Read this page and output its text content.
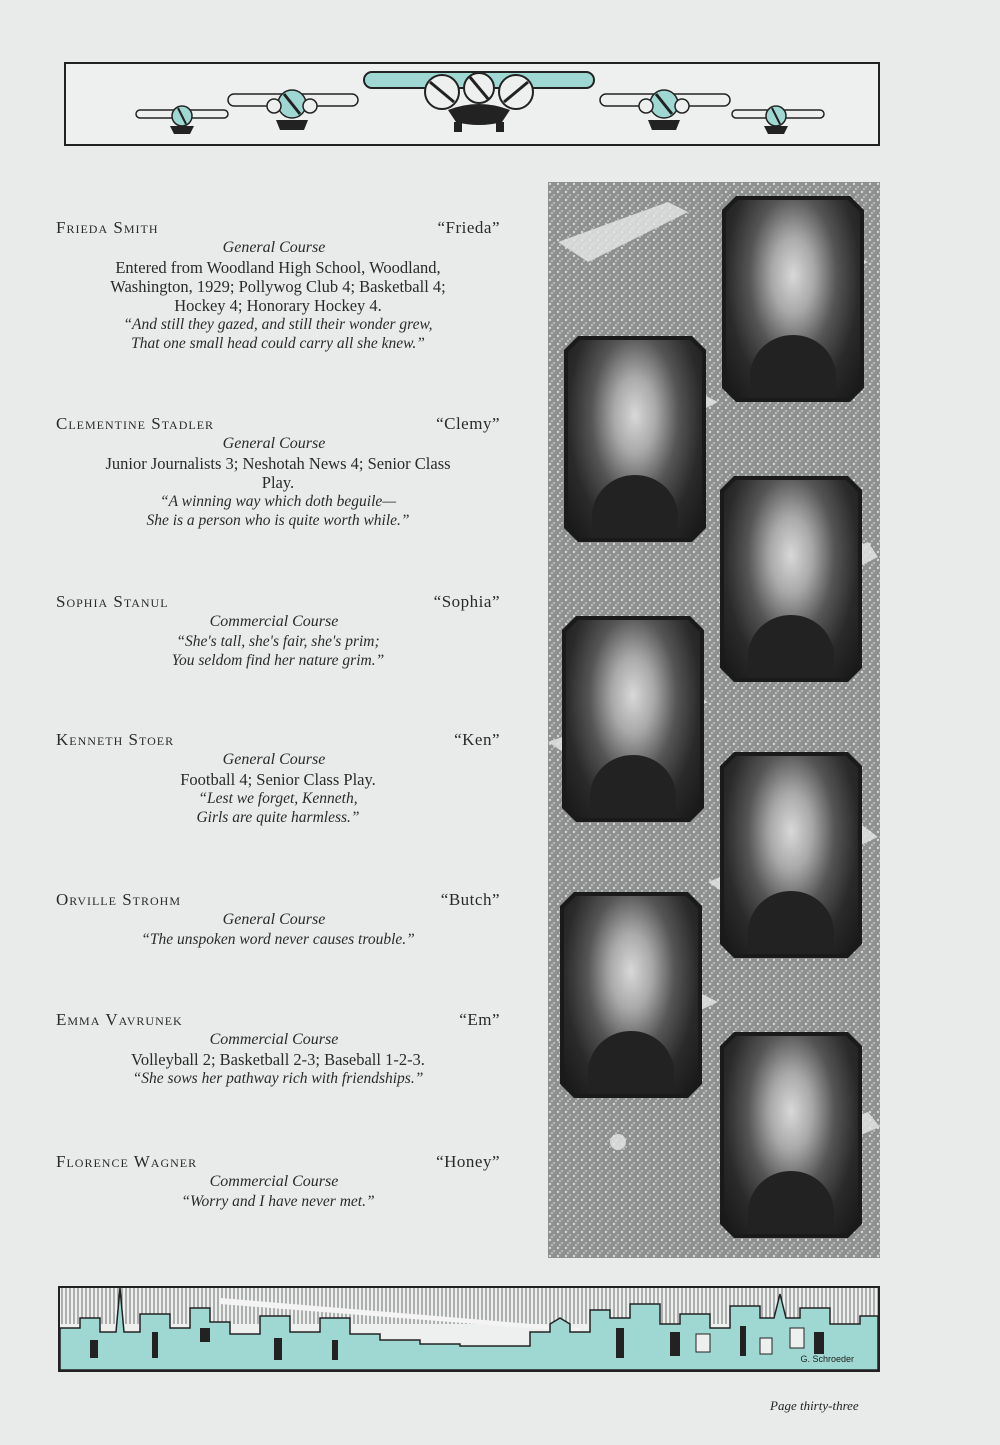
Frieda Smith	“Frieda”
General Course
Entered from Woodland High School, Woodland,
Washington, 1929; Pollywog Club 4; Basketball 4;
Hockey 4; Honorary Hockey 4.
“And still they gazed, and still their wonder grew,
That one small head could carry all she knew.”
Clementine Stadler	“Clemy”
General Course
Junior Journalists 3; Neshotah News 4; Senior Class
Play.
“A winning way which doth beguile—
She is a person who is quite worth while.”
Sophia Stanul	“Sophia”
Commercial Course
“She's tall, she's fair, she's prim;
You seldom find her nature grim.”
Kenneth Stoer	“Ken”
General Course
Football 4; Senior Class Play.
“Lest we forget, Kenneth,
Girls are quite harmless.”
Orville Strohm	“Butch”
General Course
“The unspoken word never causes trouble.”
Emma Vavrunek	“Em”
Commercial Course
Volleyball 2; Basketball 2-3; Baseball 1-2-3.
“She sows her pathway rich with friendships.”
Florence Wagner	“Honey”
Commercial Course
“Worry and I have never met.”
G. Schroeder
Page thirty-three
